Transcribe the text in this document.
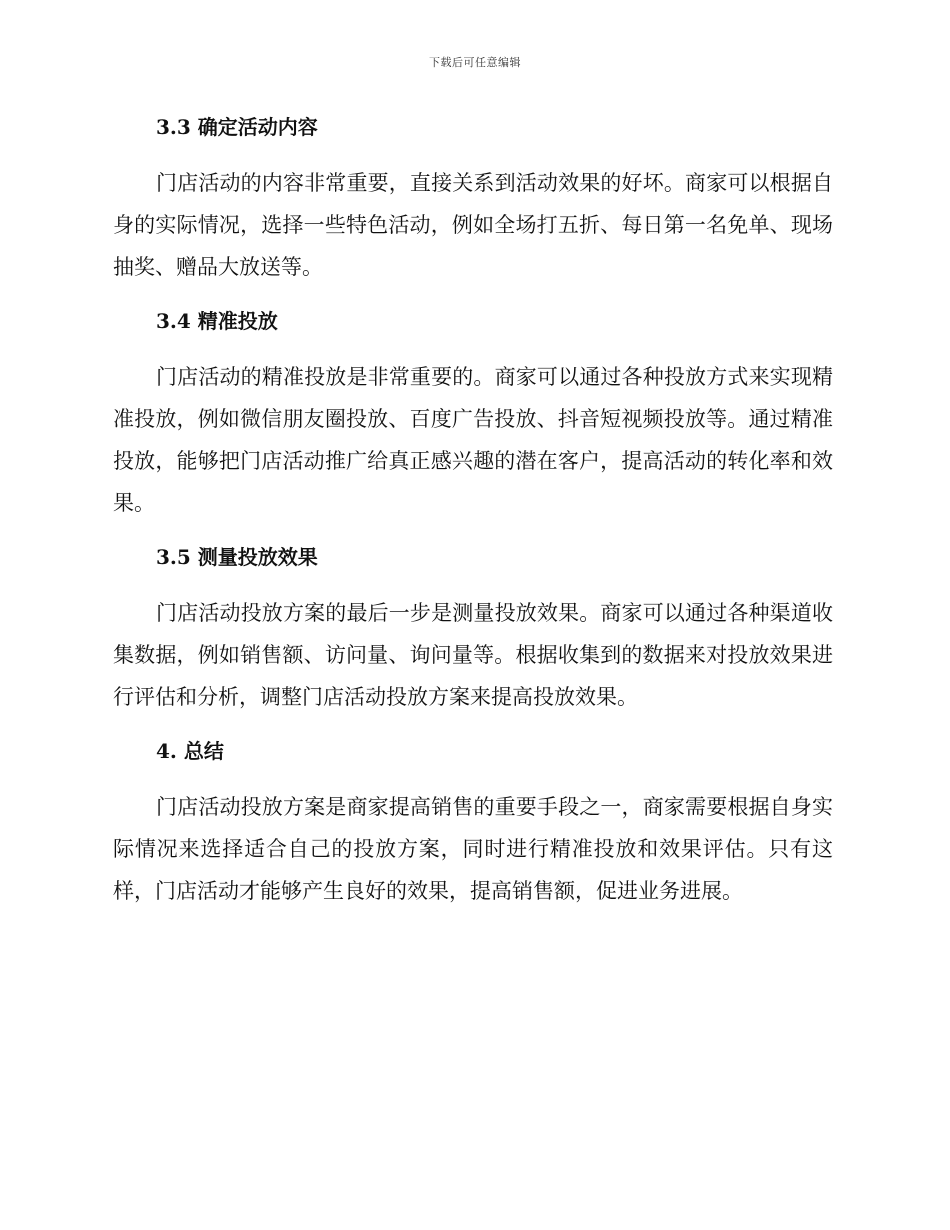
下载后可任意编辑
3.3 确定活动内容

门店活动的内容非常重要，直接关系到活动效果的好坏。商家可以根据自身的实际情况，选择一些特色活动，例如全场打五折、每日第一名免单、现场抽奖、赠品大放送等。

3.4 精准投放

门店活动的精准投放是非常重要的。商家可以通过各种投放方式来实现精准投放，例如微信朋友圈投放、百度广告投放、抖音短视频投放等。通过精准投放，能够把门店活动推广给真正感兴趣的潜在客户，提高活动的转化率和效果。

3.5 测量投放效果

门店活动投放方案的最后一步是测量投放效果。商家可以通过各种渠道收集数据，例如销售额、访问量、询问量等。根据收集到的数据来对投放效果进行评估和分析，调整门店活动投放方案来提高投放效果。

4. 总结

门店活动投放方案是商家提高销售的重要手段之一，商家需要根据自身实际情况来选择适合自己的投放方案，同时进行精准投放和效果评估。只有这样，门店活动才能够产生良好的效果，提高销售额，促进业务进展。
